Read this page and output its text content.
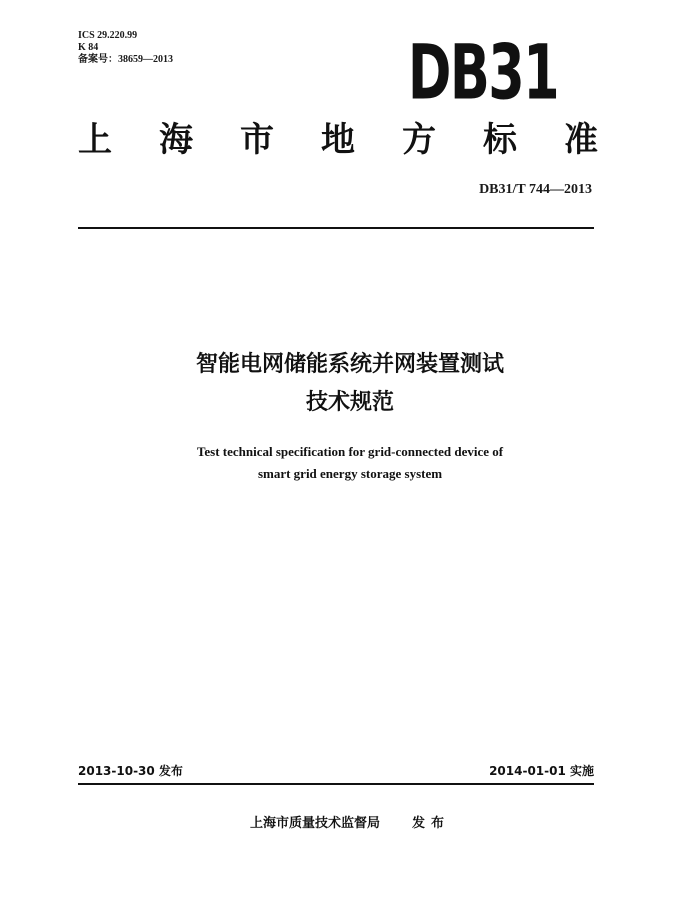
ICS 29.220.99
K 84
备案号：38659—2013	DB31
上 海 市 地 方 标 准
DB31/T 744—2013
智能电网储能系统并网装置测试
技术规范
Test technical specification for grid-connected device of
smart grid energy storage system
2013-10-30 发布	2014-01-01 实施
上海市质量技术监督局 发布
